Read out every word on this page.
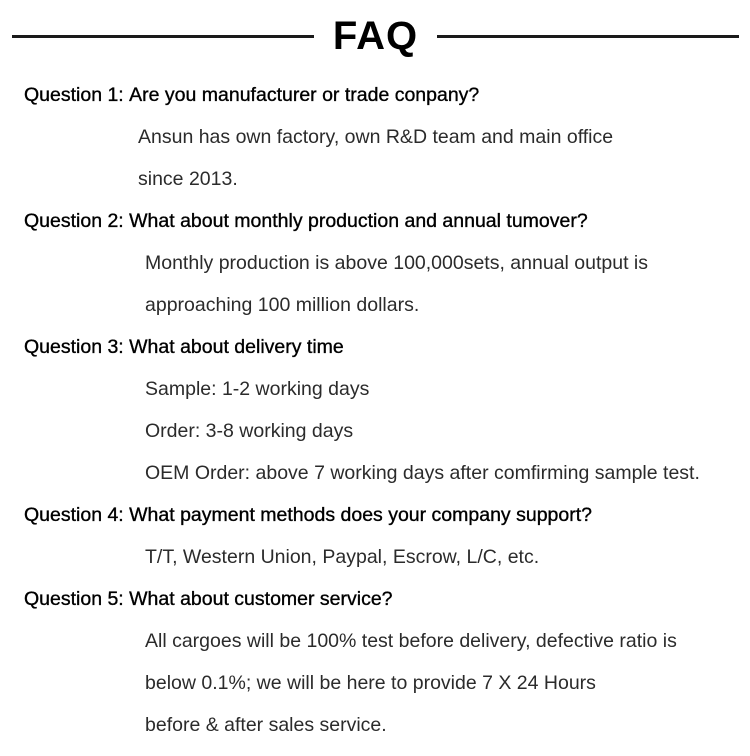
FAQ
Question 1: Are you manufacturer or trade conpany?
Ansun has own factory, own R&D team and main office
since 2013.
Question 2: What about monthly production and annual tumover?
Monthly production is above 100,000sets, annual output is
approaching 100 million dollars.
Question 3: What about delivery time
Sample: 1-2 working days
Order: 3-8 working days
OEM Order: above 7 working days after comfirming sample test.
Question 4: What payment methods does your company support?
T/T, Western Union, Paypal, Escrow, L/C, etc.
Question 5: What about customer service?
All cargoes will be 100% test before delivery, defective ratio is
below 0.1%; we will be here to provide 7 X 24 Hours
before & after sales service.
